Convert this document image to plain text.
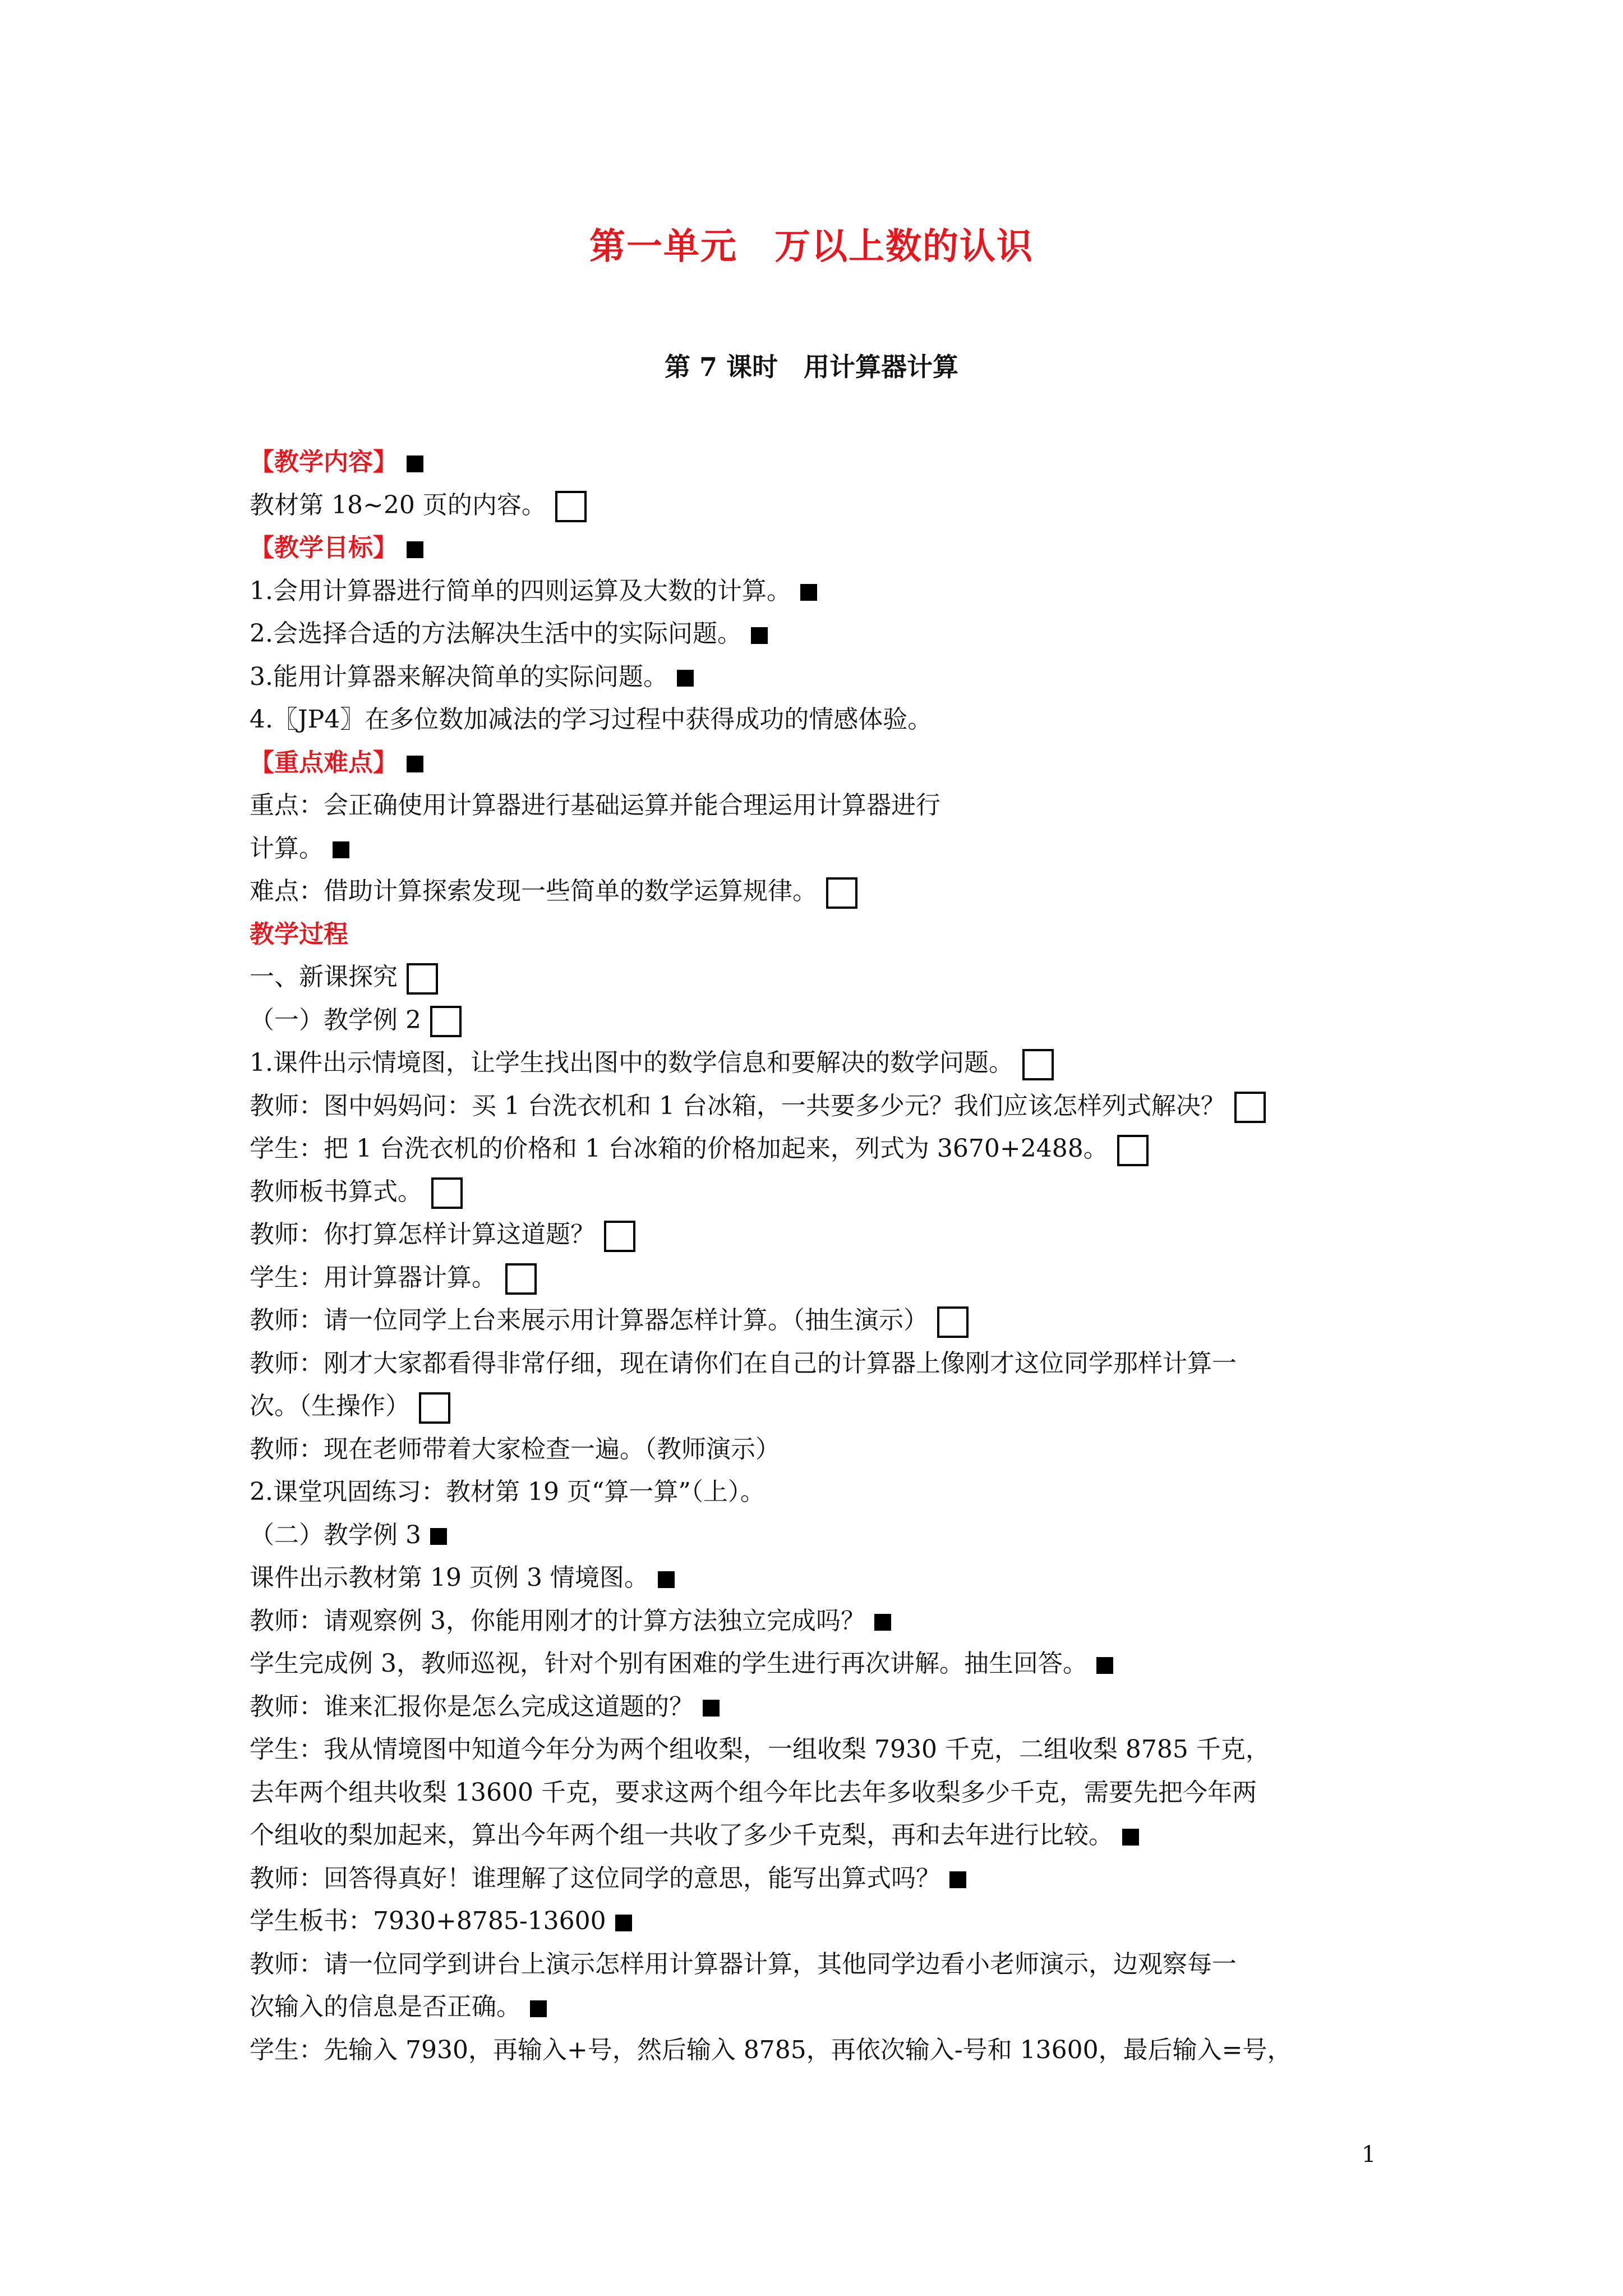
第一单元　万以上数的认识
第 7 课时　用计算器计算
【教学内容】
教材第 18~20 页的内容。
【教学目标】
1.会用计算器进行简单的四则运算及大数的计算。
2.会选择合适的方法解决生活中的实际问题。
3.能用计算器来解决简单的实际问题。
4.〖JP4〗在多位数加减法的学习过程中获得成功的情感体验。
【重点难点】
重点：会正确使用计算器进行基础运算并能合理运用计算器进行
计算。
难点：借助计算探索发现一些简单的数学运算规律。
教学过程
一、新课探究
（一）教学例 2
1.课件出示情境图，让学生找出图中的数学信息和要解决的数学问题。
教师：图中妈妈问：买 1 台洗衣机和 1 台冰箱，一共要多少元？我们应该怎样列式解决？
学生：把 1 台洗衣机的价格和 1 台冰箱的价格加起来，列式为 3670+2488。
教师板书算式。
教师：你打算怎样计算这道题？
学生：用计算器计算。
教师：请一位同学上台来展示用计算器怎样计算。（抽生演示）
教师：刚才大家都看得非常仔细，现在请你们在自己的计算器上像刚才这位同学那样计算一
次。（生操作）
教师：现在老师带着大家检查一遍。（教师演示）
2.课堂巩固练习：教材第 19 页“算一算”（上）。
（二）教学例 3
课件出示教材第 19 页例 3 情境图。
教师：请观察例 3，你能用刚才的计算方法独立完成吗？
学生完成例 3，教师巡视，针对个别有困难的学生进行再次讲解。抽生回答。
教师：谁来汇报你是怎么完成这道题的？
学生：我从情境图中知道今年分为两个组收梨，一组收梨 7930 千克，二组收梨 8785 千克，
去年两个组共收梨 13600 千克，要求这两个组今年比去年多收梨多少千克，需要先把今年两
个组收的梨加起来，算出今年两个组一共收了多少千克梨，再和去年进行比较。
教师：回答得真好！谁理解了这位同学的意思，能写出算式吗？
学生板书：7930+8785-13600
教师：请一位同学到讲台上演示怎样用计算器计算，其他同学边看小老师演示，边观察每一
次输入的信息是否正确。
学生：先输入 7930，再输入+号，然后输入 8785，再依次输入-号和 13600，最后输入=号，
1
